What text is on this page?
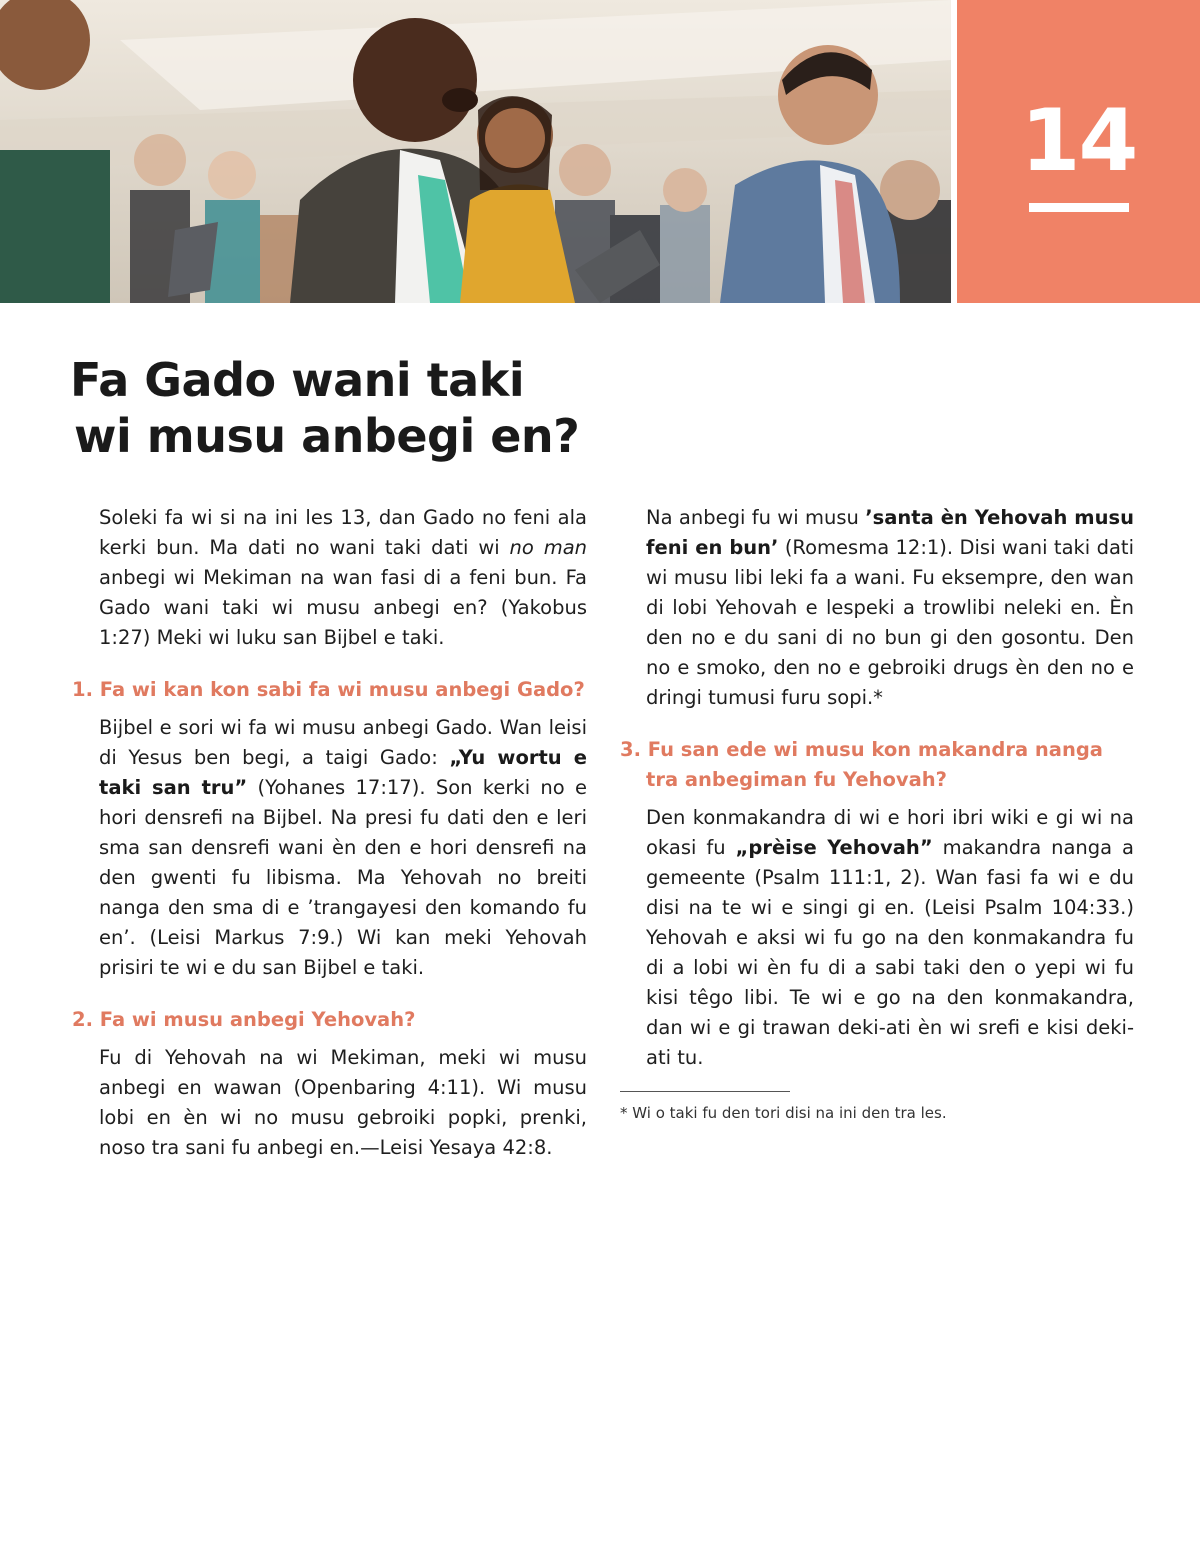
14
Fa Gado wani taki
wi musu anbegi en?

Soleki fa wi si na ini les 13, dan Gado no feni ala kerki bun. Ma dati no wani taki dati wi no man anbegi wi Mekiman na wan fasi di a feni bun. Fa Gado wani taki wi musu anbegi en? (Yakobus 1:27) Meki wi luku san Bijbel e taki.

1. Fa wi kan kon sabi fa wi musu anbegi Gado?

Bijbel e sori wi fa wi musu anbegi Gado. Wan leisi di Yesus ben begi, a taigi Gado: „Yu wortu e taki san tru” (Yohanes 17:17). Son kerki no e hori densrefi na Bijbel. Na presi fu dati den e leri sma san densrefi wani èn den e hori densrefi na den gwenti fu libisma. Ma Yehovah no breiti nanga den sma di e ’trangayesi den komando fu en’. (Leisi Markus 7:9.) Wi kan meki Yehovah prisiri te wi e du san Bijbel e taki.

2. Fa wi musu anbegi Yehovah?

Fu di Yehovah na wi Mekiman, meki wi musu anbegi en wawan (Openbaring 4:11). Wi musu lobi en èn wi no musu gebroiki popki, prenki, noso tra sani fu anbegi en.—Leisi Yesaya 42:8.

Na anbegi fu wi musu ’santa èn Yehovah musu feni en bun’ (Romesma 12:1). Disi wani taki dati wi musu libi leki fa a wani. Fu eksempre, den wan di lobi Yehovah e lespeki a trowlibi neleki en. Èn den no e du sani di no bun gi den gosontu. Den no e smoko, den no e gebroiki drugs èn den no e dringi tumusi furu sopi.*

3. Fu san ede wi musu kon makandra nanga tra anbegiman fu Yehovah?

Den konmakandra di wi e hori ibri wiki e gi wi na okasi fu „prèise Yehovah” makandra nanga a gemeente (Psalm 111:1, 2). Wan fasi fa wi e du disi na te wi e singi gi en. (Leisi Psalm 104:33.) Yehovah e aksi wi fu go na den konmakandra fu di a lobi wi èn fu di a sabi taki den o yepi wi fu kisi têgo libi. Te wi e go na den konmakandra, dan wi e gi trawan deki-ati èn wi srefi e kisi deki-ati tu.

* Wi o taki fu den tori disi na ini den tra les.
